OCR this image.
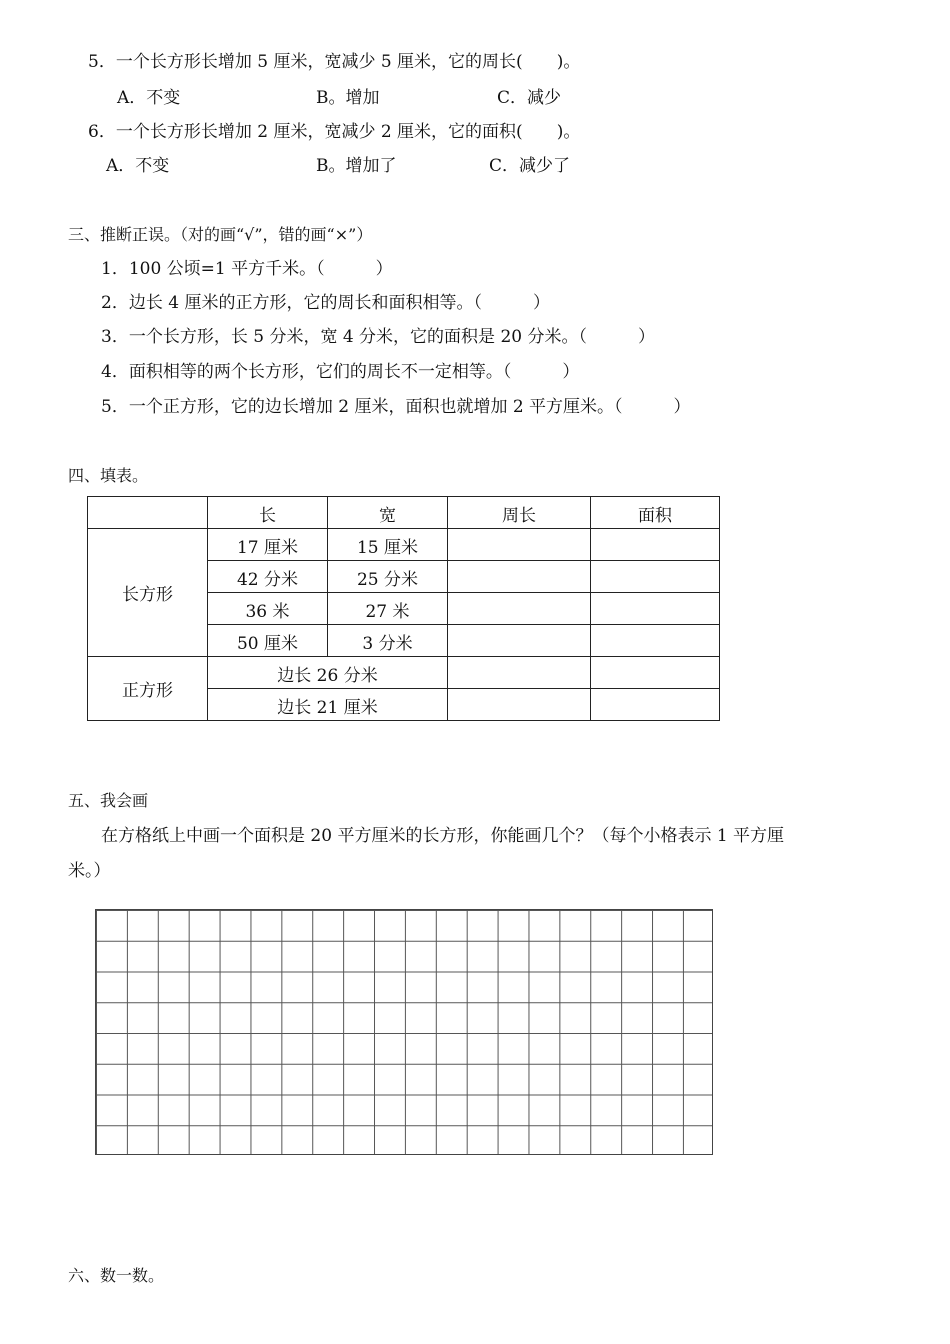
5．一个长方形长增加 5 厘米，宽减少 5 厘米，它的周长(　　)。
A．不变	B。增加	C．减少
6．一个长方形长增加 2 厘米，宽减少 2 厘米，它的面积(　　)。
A．不变	B。增加了	C．减少了
三、推断正误。（对的画“√”，错的画“×”）
1．100 公顷=1 平方千米。（　　　）
2．边长 4 厘米的正方形，它的周长和面积相等。（　　　）
3．一个长方形，长 5 分米，宽 4 分米，它的面积是 20 分米。（　　　）
4．面积相等的两个长方形，它们的周长不一定相等。（　　　）
5．一个正方形，它的边长增加 2 厘米，面积也就增加 2 平方厘米。（　　　）
四、填表。
	长	宽	周长	面积
长方形	17 厘米	15 厘米		
	42 分米	25 分米		
	36 米	27 米		
	50 厘米	3 分米		
正方形	边长 26 分米			
	边长 21 厘米			
五、我会画
在方格纸上中画一个面积是 20 平方厘米的长方形，你能画几个？（每个小格表示 1 平方厘
米。）
六、数一数。
